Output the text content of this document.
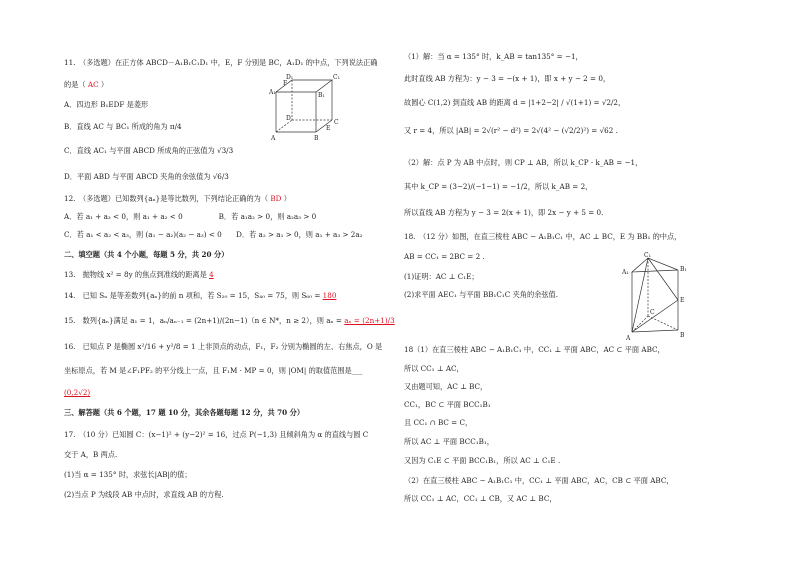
11.　（多选题）在正方体 ABCD－A₁B₁C₁D₁ 中，E，F 分别是 BC，A₁D₁ 的中点，下列说法正确
的是（ AC ）
A．四边形 B₁EDF 是菱形
B．直线 AC 与 BC₁ 所成的角为 π/4
C．直线 AC₁ 与平面 ABCD 所成角的正弦值为 √3/3
D．平面 ABD 与平面 ABCD 夹角的余弦值为 √6/3
12.　（多选题）已知数列{aₙ}是等比数列，下列结论正确的为（ BD ）
A．若 a₁ + a₃ < 0，则 a₁ + a₂ < 0　　　　　B．若 a₁a₂ > 0，则 a₂a₃ > 0
C．若 a₁ < a₂ < a₃，则 (a₁ − a₂)(a₂ − a₃) < 0　　D．若 a₂ > a₁ > 0，则 a₁ + a₃ > 2a₂
二、填空题（共 4 个小题，每题 5 分，共 20 分）
13.　抛物线 x² = 8y 的焦点到准线的距离是 4
14.　已知 Sₙ 是等差数列{aₙ}的前 n 项和，若 S₂₀ = 15，S₄₀ = 75，则 S₆₀ = 180
15.　数列{aₙ}满足 a₁ = 1，aₙ/aₙ₋₁ = (2n+1)/(2n−1)（n ∈ N*，n ≥ 2），则 aₙ = aₙ = (2n+1)/3
16.　已知点 P 是椭圆 x²/16 + y²/8 = 1 上非顶点的动点，F₁，F₂ 分别为椭圆的左、右焦点，O 是
坐标原点，若 M 是∠F₁PF₂ 的平分线上一点，且 F₁M · MP = 0，则 |OM| 的取值范围是___
(0,2√2)
三、解答题（共 6 个题，17 题 10 分，其余各题每题 12 分，共 70 分）
17.　（10 分）已知圆 C：(x−1)² + (y−2)² = 16，过点 P(−1,3) 且倾斜角为 α 的直线与圆 C
交于 A，B 两点.
(1)当 α = 135° 时，求弦长|AB|的值；
(2)当点 P 为线段 AB 中点时，求直线 AB 的方程.
A₁
D₁	C₁
B₁
F
A	B
C
D
E
（1）解：当 α = 135° 时，k_AB = tan135° = −1，
此时直线 AB 方程为：y − 3 = −(x + 1)，即 x + y − 2 = 0，
故圆心 C(1,2) 到直线 AB 的距离 d = |1+2−2| / √(1+1) = √2/2，
又 r = 4，所以 |AB| = 2√(r² − d²) = 2√(4² − (√2/2)²) = √62 .
（2）解：点 P 为 AB 中点时，则 CP ⊥ AB，所以 k_CP · k_AB = −1，
其中 k_CP = (3−2)/(−1−1) = −1/2，所以 k_AB = 2，
所以直线 AB 方程为 y − 3 = 2(x + 1)，即 2x − y + 5 = 0.
18.　（12 分）如图，在直三棱柱 ABC − A₁B₁C₁ 中，AC ⊥ BC，E 为 BB₁ 的中点，
AB = CC₁ = 2BC = 2 .
(1)证明：AC ⊥ C₁E；
(2)求平面 AEC₁ 与平面 BB₁C₁C 夹角的余弦值.
18（1）在直三棱柱 ABC − A₁B₁C₁ 中，CC₁ ⊥ 平面 ABC，AC ⊂ 平面 ABC，
所以 CC₁ ⊥ AC，
又由题可知，AC ⊥ BC，
CC₁，BC ⊂ 平面 BCC₁B₁
且 CC₁ ∩ BC = C，
所以 AC ⊥ 平面 BCC₁B₁，
又因为 C₁E ⊂ 平面 BCC₁B₁，所以 AC ⊥ C₁E .
（2）在直三棱柱 ABC − A₁B₁C₁ 中，CC₁ ⊥ 平面 ABC，AC，CB ⊂ 平面 ABC，
所以 CC₁ ⊥ AC，CC₁ ⊥ CB，又 AC ⊥ BC，
C₁
A₁	B₁
C
A	B
E
